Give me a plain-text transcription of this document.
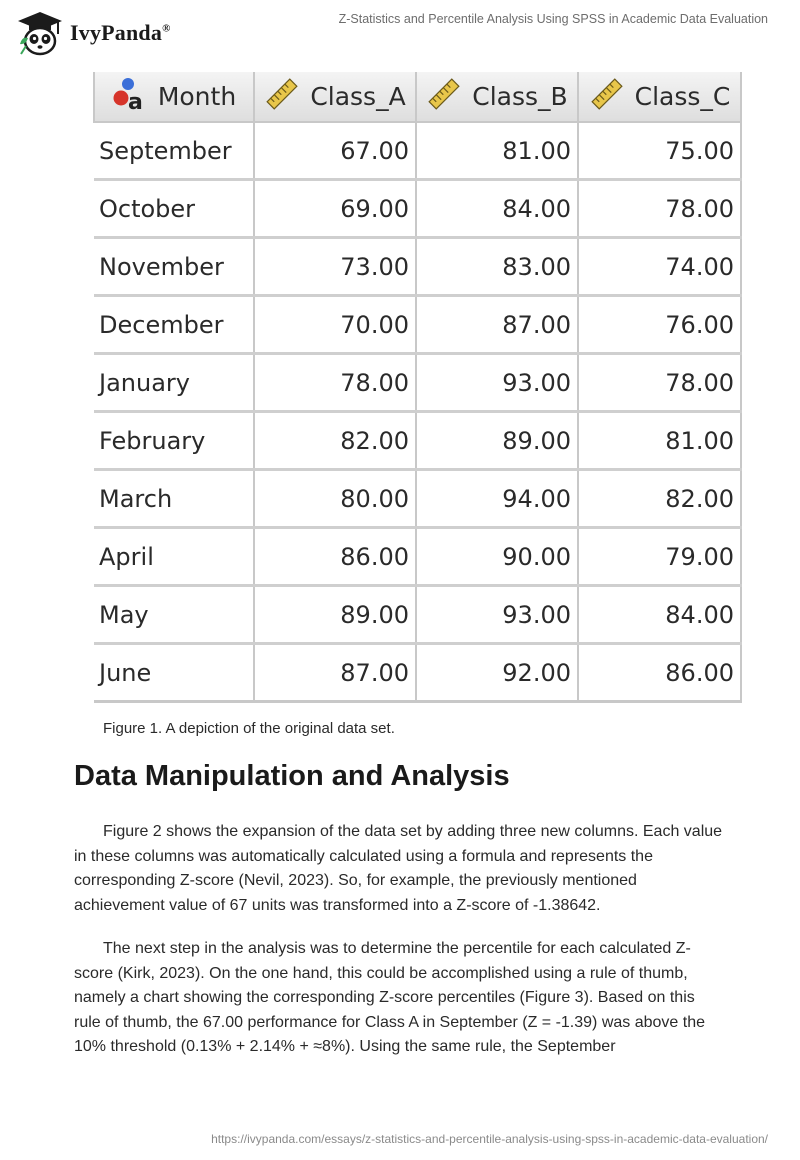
IvyPanda®
Z-Statistics and Percentile Analysis Using SPSS in Academic Data Evaluation
a Month	Class_A	Class_B	Class_C

September	67.00	81.00	75.00
October	69.00	84.00	78.00
November	73.00	83.00	74.00
December	70.00	87.00	76.00
January	78.00	93.00	78.00
February	82.00	89.00	81.00
March	80.00	94.00	82.00
April	86.00	90.00	79.00
May	89.00	93.00	84.00
June	87.00	92.00	86.00
Figure 1. A depiction of the original data set.
Data Manipulation and Analysis

Figure 2 shows the expansion of the data set by adding three new columns. Each value in these columns was automatically calculated using a formula and represents the corresponding Z-score (Nevil, 2023). So, for example, the previously mentioned achievement value of 67 units was transformed into a Z-score of -1.38642.

The next step in the analysis was to determine the percentile for each calculated Z-score (Kirk, 2023). On the one hand, this could be accomplished using a rule of thumb, namely a chart showing the corresponding Z-score percentiles (Figure 3). Based on this rule of thumb, the 67.00 performance for Class A in September (Z = -1.39) was above the 10% threshold (0.13% + 2.14% + ≈8%). Using the same rule, the September

https://ivypanda.com/essays/z-statistics-and-percentile-analysis-using-spss-in-academic-data-evaluation/
